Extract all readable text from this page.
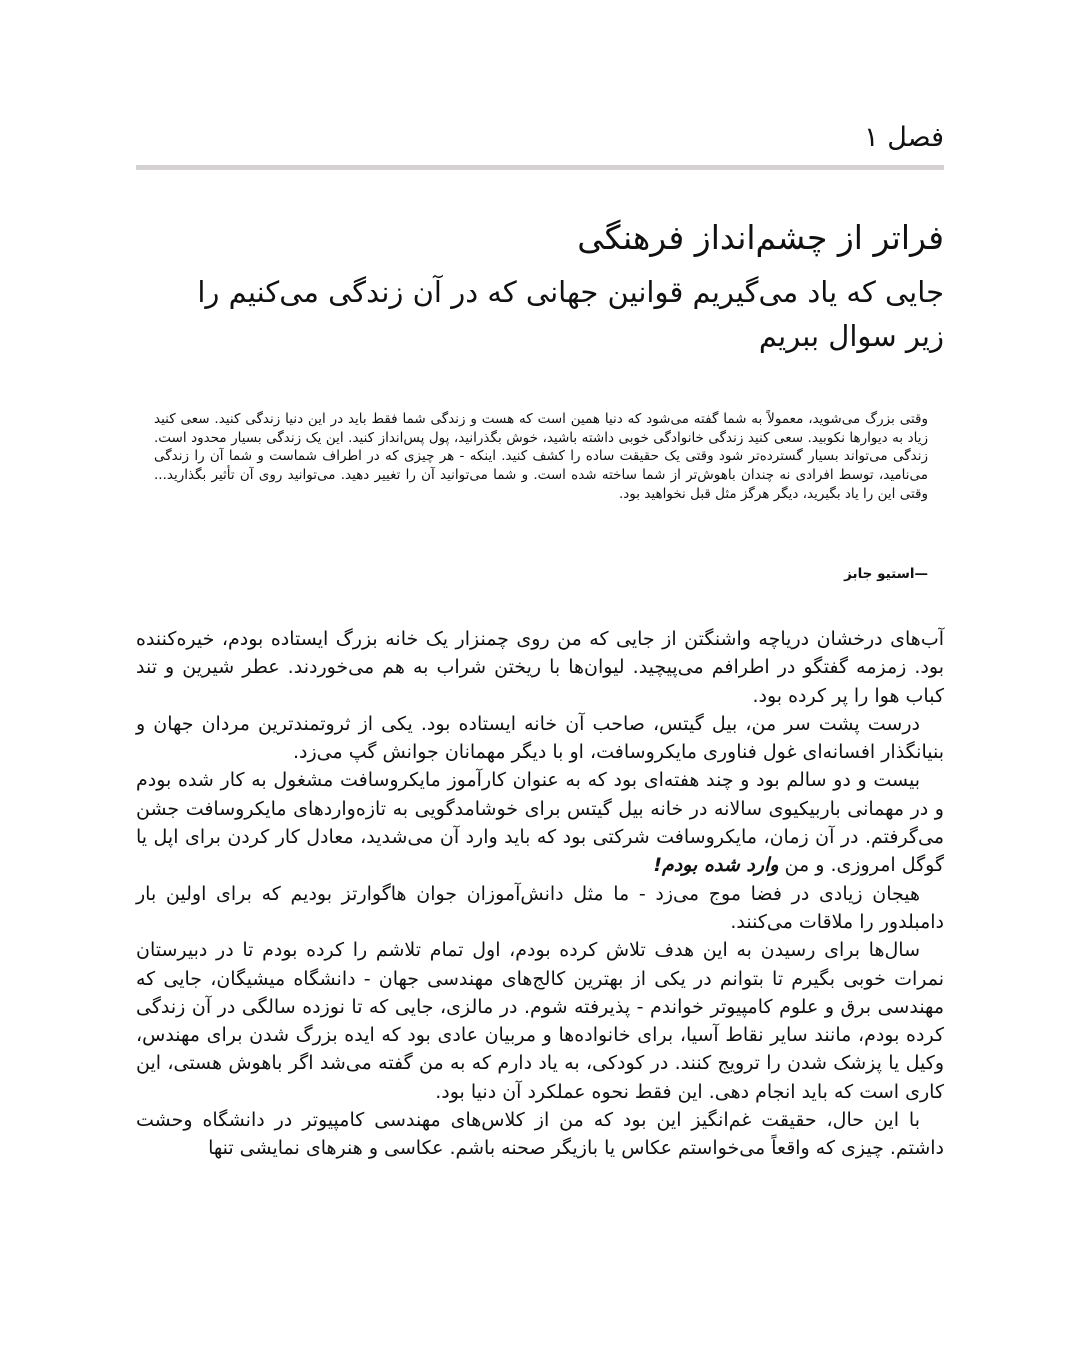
فصل ۱
فراتر از چشم‌انداز فرهنگی
جایی که یاد می‌گیریم قوانین جهانی که در آن زندگی می‌کنیم را زیر سوال ببریم
وقتی بزرگ می‌شوید، معمولاً به شما گفته می‌شود که دنیا همین است که هست و زندگی شما فقط باید در این دنیا زندگی کنید. سعی کنید زیاد به دیوارها نکوبید. سعی کنید زندگی خانوادگی خوبی داشته باشید، خوش بگذرانید، پول پس‌انداز کنید. این یک زندگی بسیار محدود است. زندگی می‌تواند بسیار گسترده‌تر شود وقتی یک حقیقت ساده را کشف کنید. اینکه - هر چیزی که در اطراف شماست و شما آن را زندگی می‌نامید، توسط افرادی نه چندان باهوش‌تر از شما ساخته شده است. و شما می‌توانید آن را تغییر دهید. می‌توانید روی آن تأثیر بگذارید... وقتی این را یاد بگیرید، دیگر هرگز مثل قبل نخواهید بود.
—استیو جابز

آب‌های درخشان دریاچه واشنگتن از جایی که من روی چمنزار یک خانه بزرگ ایستاده بودم، خیره‌کننده بود. زمزمه گفتگو در اطرافم می‌پیچید. لیوان‌ها با ریختن شراب به هم می‌خوردند. عطر شیرین و تند کباب هوا را پر کرده بود.

درست پشت سر من، بیل گیتس، صاحب آن خانه ایستاده بود. یکی از ثروتمندترین مردان جهان و بنیانگذار افسانه‌ای غول فناوری مایکروسافت، او با دیگر مهمانان جوانش گپ می‌زد.

بیست و دو سالم بود و چند هفته‌ای بود که به عنوان کارآموز مایکروسافت مشغول به کار شده بودم و در مهمانی باربیکیوی سالانه در خانه بیل گیتس برای خوشامدگویی به تازه‌واردهای مایکروسافت جشن می‌گرفتم. در آن زمان، مایکروسافت شرکتی بود که باید وارد آن می‌شدید، معادل کار کردن برای اپل یا گوگل امروزی. و من وارد شده بودم!

هیجان زیادی در فضا موج می‌زد - ما مثل دانش‌آموزان جوان هاگوارتز بودیم که برای اولین بار دامبلدور را ملاقات می‌کنند.

سال‌ها برای رسیدن به این هدف تلاش کرده بودم، اول تمام تلاشم را کرده بودم تا در دبیرستان نمرات خوبی بگیرم تا بتوانم در یکی از بهترین کالج‌های مهندسی جهان - دانشگاه میشیگان، جایی که مهندسی برق و علوم کامپیوتر خواندم - پذیرفته شوم. در مالزی، جایی که تا نوزده سالگی در آن زندگی کرده بودم، مانند سایر نقاط آسیا، برای خانواده‌ها و مربیان عادی بود که ایده بزرگ شدن برای مهندس، وکیل یا پزشک شدن را ترویج کنند. در کودکی، به یاد دارم که به من گفته می‌شد اگر باهوش هستی، این کاری است که باید انجام دهی. این فقط نحوه عملکرد آن دنیا بود.

با این حال، حقیقت غم‌انگیز این بود که من از کلاس‌های مهندسی کامپیوتر در دانشگاه وحشت داشتم. چیزی که واقعاً می‌خواستم عکاس یا بازیگر صحنه باشم. عکاسی و هنرهای نمایشی تنها
